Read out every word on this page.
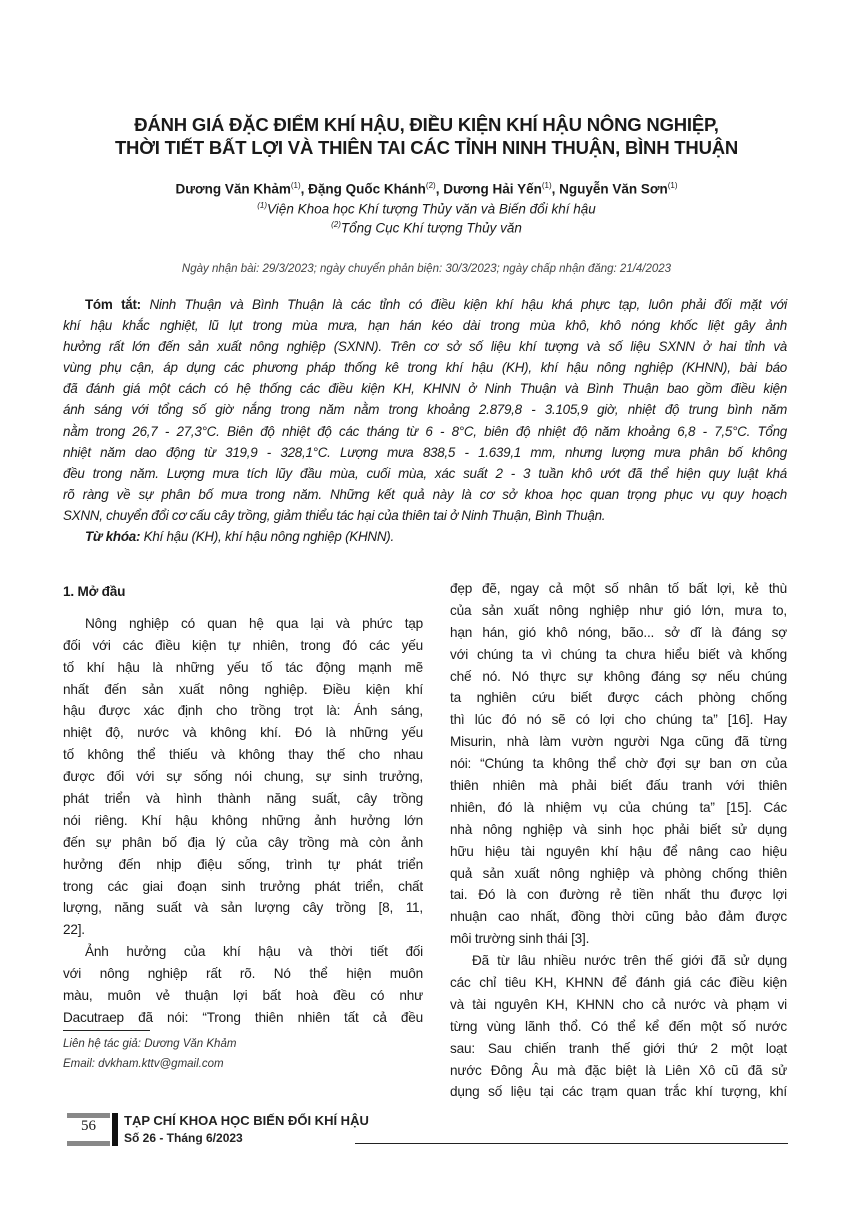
ĐÁNH GIÁ ĐẶC ĐIỂM KHÍ HẬU, ĐIỀU KIỆN KHÍ HẬU NÔNG NGHIỆP,
THỜI TIẾT BẤT LỢI VÀ THIÊN TAI CÁC TỈNH NINH THUẬN, BÌNH THUẬN
Dương Văn Khảm$^{(1)}$, Đặng Quốc Khánh$^{(2)}$, Dương Hải Yến$^{(1)}$, Nguyễn Văn Sơn$^{(1)}$
$^{(1)}$Viện Khoa học Khí tượng Thủy văn và Biến đổi khí hậu
$^{(2)}$Tổng Cục Khí tượng Thủy văn
Ngày nhận bài: 29/3/2023; ngày chuyển phản biện: 30/3/2023; ngày chấp nhận đăng: 21/4/2023
Tóm tắt: Ninh Thuận và Bình Thuận là các tỉnh có điều kiện khí hậu khá phực tạp, luôn phải đối mặt với
khí hậu khắc nghiệt, lũ lụt trong mùa mưa, hạn hán kéo dài trong mùa khô, khô nóng khốc liệt gây ảnh
hưởng rất lớn đến sản xuất nông nghiệp (SXNN). Trên cơ sở số liệu khí tượng và số liệu SXNN ở hai tỉnh và
vùng phụ cận, áp dụng các phương pháp thống kê trong khí hậu (KH), khí hậu nông nghiệp (KHNN), bài báo
đã đánh giá một cách có hệ thống các điều kiện KH, KHNN ở Ninh Thuận và Bình Thuận bao gồm điều kiện
ánh sáng với tổng số giờ nắng trong năm nằm trong khoảng 2.879,8 - 3.105,9 giờ, nhiệt độ trung bình năm
nằm trong 26,7 - 27,3°C. Biên độ nhiệt độ các tháng từ 6 - 8°C, biên độ nhiệt độ năm khoảng 6,8 - 7,5°C. Tổng
nhiệt năm dao động từ 319,9 - 328,1°C. Lượng mưa 838,5 - 1.639,1 mm, nhưng lượng mưa phân bố không
đều trong năm. Lượng mưa tích lũy đầu mùa, cuối mùa, xác suất 2 - 3 tuần khô ướt đã thể hiện quy luật khá
rõ ràng về sự phân bố mưa trong năm. Những kết quả này là cơ sở khoa học quan trọng phục vụ quy hoạch
SXNN, chuyển đổi cơ cấu cây trồng, giảm thiểu tác hại của thiên tai ở Ninh Thuận, Bình Thuận.
Từ khóa: Khí hậu (KH), khí hậu nông nghiệp (KHNN).
1. Mở đầu
Nông nghiệp có quan hệ qua lại và phức tạp
đối với các điều kiện tự nhiên, trong đó các yếu
tố khí hậu là những yếu tố tác động mạnh mẽ
nhất đến sản xuất nông nghiệp. Điều kiện khí
hậu được xác định cho trồng trọt là: Ánh sáng,
nhiệt độ, nước và không khí. Đó là những yếu
tố không thể thiếu và không thay thế cho nhau
được đối với sự sống nói chung, sự sinh trưởng,
phát triển và hình thành năng suất, cây trồng
nói riêng. Khí hậu không những ảnh hưởng lớn
đến sự phân bố địa lý của cây trồng mà còn ảnh
hưởng đến nhịp điệu sống, trình tự phát triển
trong các giai đoạn sinh trưởng phát triển, chất
lượng, năng suất và sản lượng cây trồng [8, 11,
22].
Ảnh hưởng của khí hậu và thời tiết đối
với nông nghiệp rất rõ. Nó thể hiện muôn
màu, muôn vẻ thuận lợi bất hoà đều có như
Dacutraep đã nói: “Trong thiên nhiên tất cả đều
đẹp đẽ, ngay cả một số nhân tố bất lợi, kẻ thù
của sản xuất nông nghiệp như gió lớn, mưa to,
hạn hán, gió khô nóng, bão... sở dĩ là đáng sợ
với chúng ta vì chúng ta chưa hiểu biết và khống
chế nó. Nó thực sự không đáng sợ nếu chúng
ta nghiên cứu biết được cách phòng chống
thì lúc đó nó sẽ có lợi cho chúng ta” [16]. Hay
Misurin, nhà làm vườn người Nga cũng đã từng
nói: “Chúng ta không thể chờ đợi sự ban ơn của
thiên nhiên mà phải biết đấu tranh với thiên
nhiên, đó là nhiệm vụ của chúng ta” [15]. Các
nhà nông nghiệp và sinh học phải biết sử dụng
hữu hiệu tài nguyên khí hậu để nâng cao hiệu
quả sản xuất nông nghiệp và phòng chống thiên
tai. Đó là con đường rẻ tiền nhất thu được lợi
nhuận cao nhất, đồng thời cũng bảo đảm được
môi trường sinh thái [3].
Đã từ lâu nhiều nước trên thế giới đã sử dụng
các chỉ tiêu KH, KHNN để đánh giá các điều kiện
và tài nguyên KH, KHNN cho cả nước và phạm vi
từng vùng lãnh thổ. Có thể kể đến một số nước
sau: Sau chiến tranh thế giới thứ 2 một loạt
nước Đông Âu mà đặc biệt là Liên Xô cũ đã sử
dụng số liệu tại các trạm quan trắc khí tượng, khí
Liên hệ tác giả: Dương Văn Khảm
Email: dvkham.kttv@gmail.com
56	TẠP CHÍ KHOA HỌC BIẾN ĐỔI KHÍ HẬU
Số 26 - Tháng 6/2023
